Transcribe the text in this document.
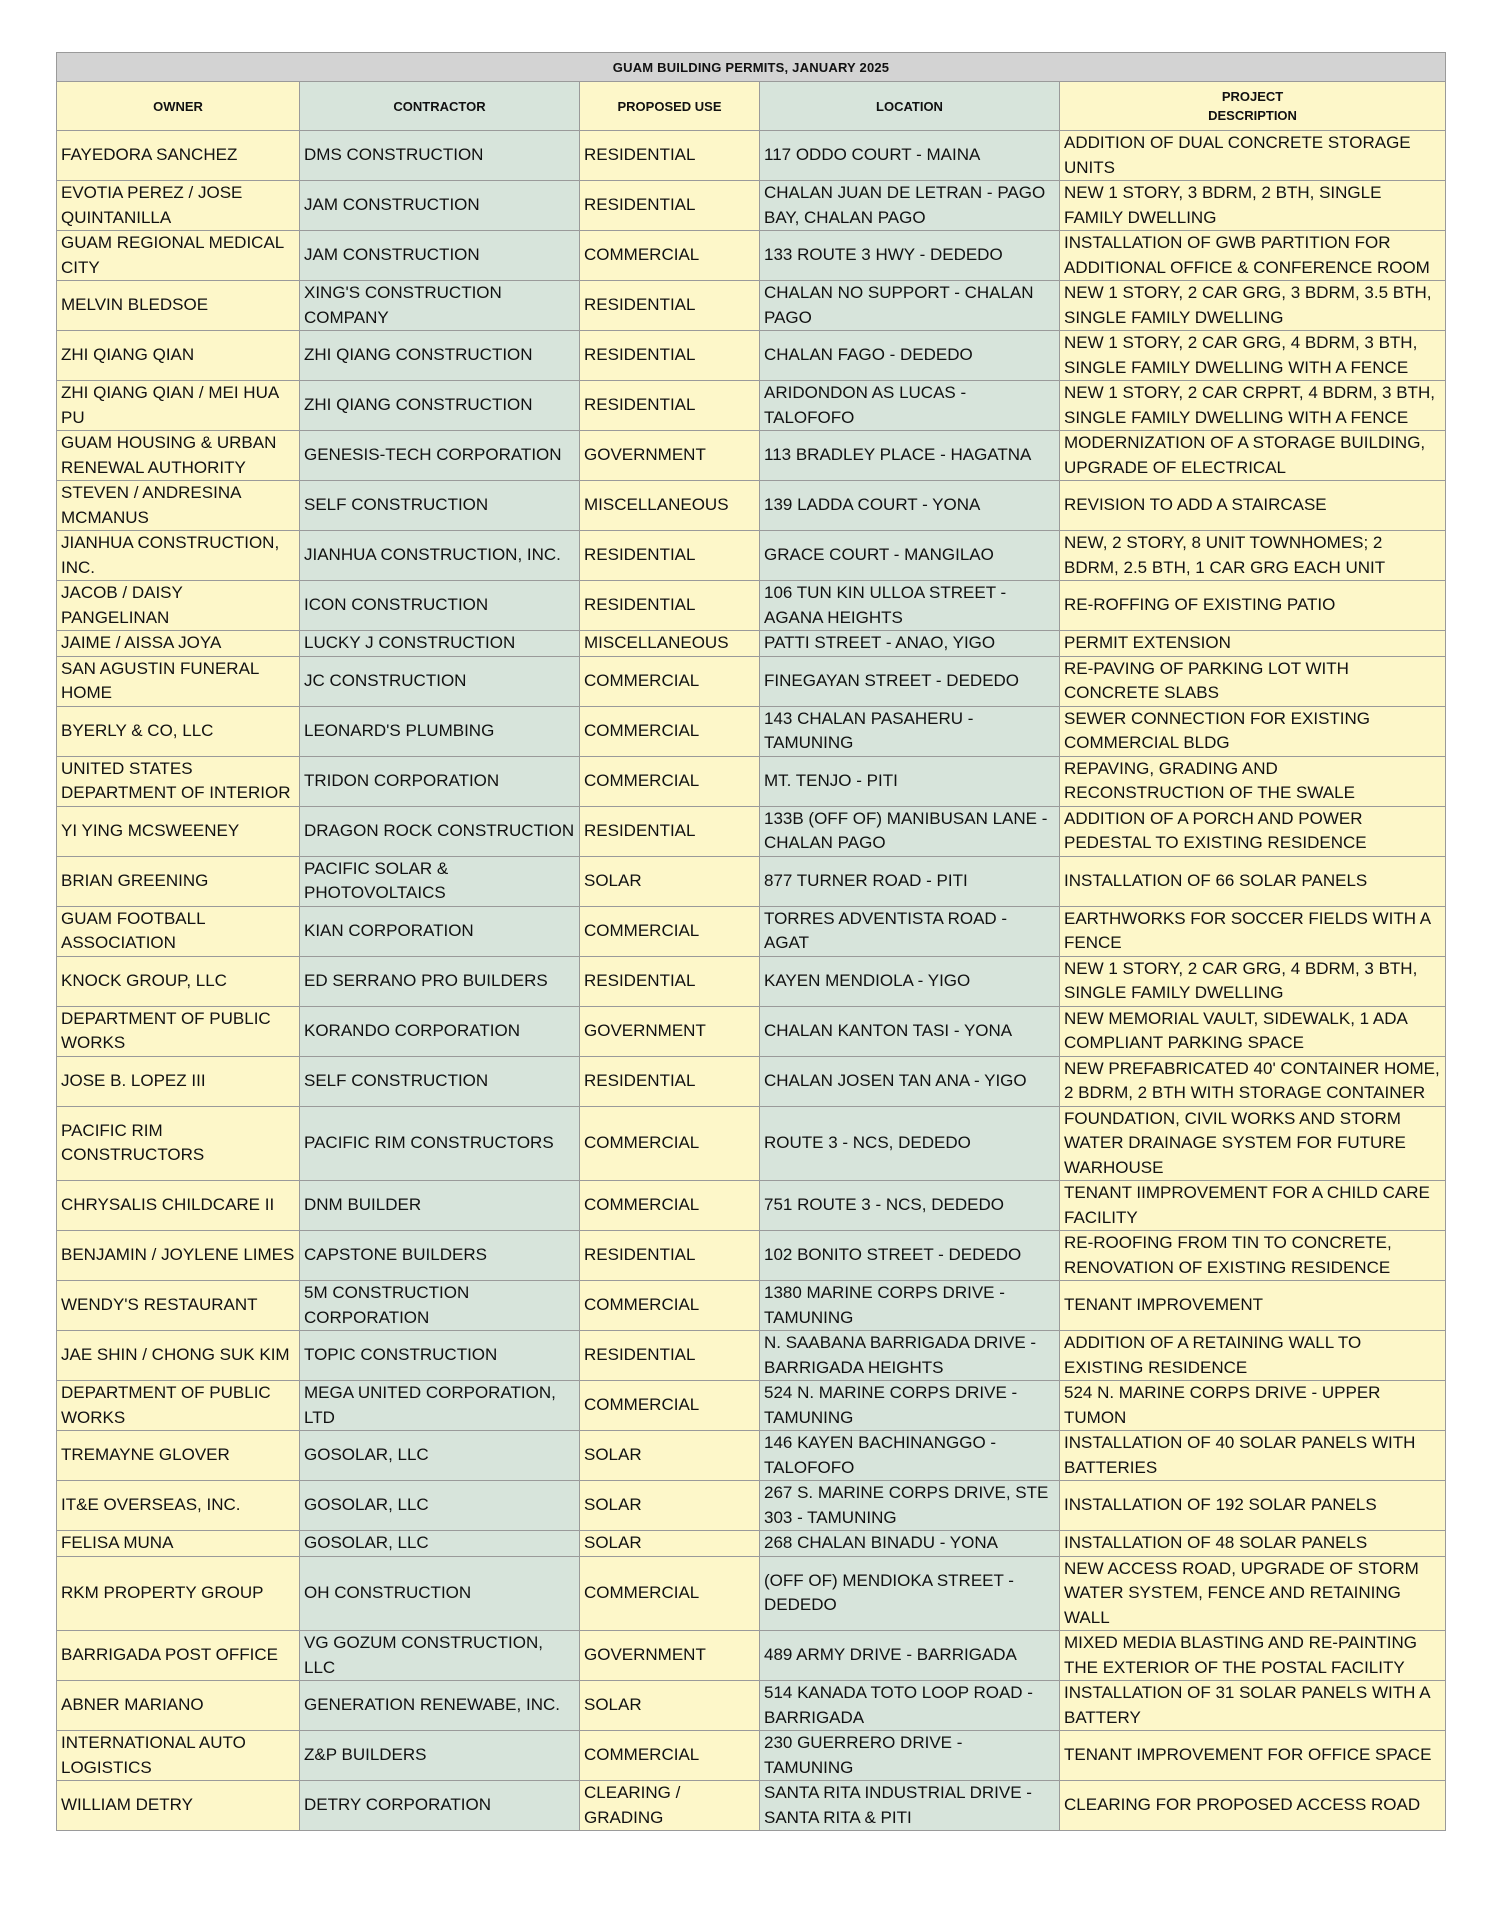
GUAM BUILDING PERMITS, JANUARY 2025				
OWNER	CONTRACTOR	PROPOSED USE	LOCATION	PROJECT
DESCRIPTION

FAYEDORA SANCHEZ	DMS CONSTRUCTION	RESIDENTIAL	117 ODDO COURT - MAINA	ADDITION OF DUAL CONCRETE STORAGE UNITS
EVOTIA PEREZ / JOSE QUINTANILLA	JAM CONSTRUCTION	RESIDENTIAL	CHALAN JUAN DE LETRAN - PAGO BAY, CHALAN PAGO	NEW 1 STORY, 3 BDRM, 2 BTH, SINGLE FAMILY DWELLING
GUAM REGIONAL MEDICAL CITY	JAM CONSTRUCTION	COMMERCIAL	133 ROUTE 3 HWY - DEDEDO	INSTALLATION OF GWB PARTITION FOR ADDITIONAL OFFICE & CONFERENCE ROOM
MELVIN BLEDSOE	XING'S CONSTRUCTION COMPANY	RESIDENTIAL	CHALAN NO SUPPORT - CHALAN PAGO	NEW 1 STORY, 2 CAR GRG, 3 BDRM, 3.5 BTH, SINGLE FAMILY DWELLING
ZHI QIANG QIAN	ZHI QIANG CONSTRUCTION	RESIDENTIAL	CHALAN FAGO - DEDEDO	NEW 1 STORY, 2 CAR GRG, 4 BDRM, 3 BTH, SINGLE FAMILY DWELLING WITH A FENCE
ZHI QIANG QIAN / MEI HUA PU	ZHI QIANG CONSTRUCTION	RESIDENTIAL	ARIDONDON AS LUCAS - TALOFOFO	NEW 1 STORY, 2 CAR CRPRT, 4 BDRM, 3 BTH, SINGLE FAMILY DWELLING WITH A FENCE
GUAM HOUSING & URBAN RENEWAL AUTHORITY	GENESIS-TECH CORPORATION	GOVERNMENT	113 BRADLEY PLACE - HAGATNA	MODERNIZATION OF A STORAGE BUILDING, UPGRADE OF ELECTRICAL
STEVEN / ANDRESINA MCMANUS	SELF CONSTRUCTION	MISCELLANEOUS	139 LADDA COURT - YONA	REVISION TO ADD A STAIRCASE
JIANHUA CONSTRUCTION, INC.	JIANHUA CONSTRUCTION, INC.	RESIDENTIAL	GRACE COURT - MANGILAO	NEW, 2 STORY, 8 UNIT TOWNHOMES; 2 BDRM, 2.5 BTH, 1 CAR GRG EACH UNIT
JACOB / DAISY PANGELINAN	ICON CONSTRUCTION	RESIDENTIAL	106 TUN KIN ULLOA STREET - AGANA HEIGHTS	RE-ROFFING OF EXISTING PATIO
JAIME / AISSA JOYA	LUCKY J CONSTRUCTION	MISCELLANEOUS	PATTI STREET - ANAO, YIGO	PERMIT EXTENSION
SAN AGUSTIN FUNERAL HOME	JC CONSTRUCTION	COMMERCIAL	FINEGAYAN STREET - DEDEDO	RE-PAVING OF PARKING LOT WITH CONCRETE SLABS
BYERLY & CO, LLC	LEONARD'S PLUMBING	COMMERCIAL	143 CHALAN PASAHERU - TAMUNING	SEWER CONNECTION FOR EXISTING COMMERCIAL BLDG
UNITED STATES DEPARTMENT OF INTERIOR	TRIDON CORPORATION	COMMERCIAL	MT. TENJO - PITI	REPAVING, GRADING AND RECONSTRUCTION OF THE SWALE
YI YING MCSWEENEY	DRAGON ROCK CONSTRUCTION	RESIDENTIAL	133B (OFF OF) MANIBUSAN LANE - CHALAN PAGO	ADDITION OF A PORCH AND POWER PEDESTAL TO EXISTING RESIDENCE
BRIAN GREENING	PACIFIC SOLAR & PHOTOVOLTAICS	SOLAR	877 TURNER ROAD - PITI	INSTALLATION OF 66 SOLAR PANELS
GUAM FOOTBALL ASSOCIATION	KIAN CORPORATION	COMMERCIAL	TORRES ADVENTISTA ROAD - AGAT	EARTHWORKS FOR SOCCER FIELDS WITH A FENCE
KNOCK GROUP, LLC	ED SERRANO PRO BUILDERS	RESIDENTIAL	KAYEN MENDIOLA - YIGO	NEW 1 STORY, 2 CAR GRG, 4 BDRM, 3 BTH, SINGLE FAMILY DWELLING
DEPARTMENT OF PUBLIC WORKS	KORANDO CORPORATION	GOVERNMENT	CHALAN KANTON TASI - YONA	NEW MEMORIAL VAULT, SIDEWALK, 1 ADA COMPLIANT PARKING SPACE
JOSE B. LOPEZ III	SELF CONSTRUCTION	RESIDENTIAL	CHALAN JOSEN TAN ANA - YIGO	NEW PREFABRICATED 40' CONTAINER HOME, 2 BDRM, 2 BTH WITH STORAGE CONTAINER
PACIFIC RIM CONSTRUCTORS	PACIFIC RIM CONSTRUCTORS	COMMERCIAL	ROUTE 3 - NCS, DEDEDO	FOUNDATION, CIVIL WORKS AND STORM WATER DRAINAGE SYSTEM FOR FUTURE WARHOUSE
CHRYSALIS CHILDCARE II	DNM BUILDER	COMMERCIAL	751 ROUTE 3 - NCS, DEDEDO	TENANT IIMPROVEMENT FOR A CHILD CARE FACILITY
BENJAMIN / JOYLENE LIMES	CAPSTONE BUILDERS	RESIDENTIAL	102 BONITO STREET - DEDEDO	RE-ROOFING FROM TIN TO CONCRETE, RENOVATION OF EXISTING RESIDENCE
WENDY'S RESTAURANT	5M CONSTRUCTION CORPORATION	COMMERCIAL	1380 MARINE CORPS DRIVE - TAMUNING	TENANT IMPROVEMENT
JAE SHIN / CHONG SUK KIM	TOPIC CONSTRUCTION	RESIDENTIAL	N. SAABANA BARRIGADA DRIVE - BARRIGADA HEIGHTS	ADDITION OF A RETAINING WALL TO EXISTING RESIDENCE
DEPARTMENT OF PUBLIC WORKS	MEGA UNITED CORPORATION, LTD	COMMERCIAL	524 N. MARINE CORPS DRIVE - TAMUNING	524 N. MARINE CORPS DRIVE - UPPER TUMON
TREMAYNE GLOVER	GOSOLAR, LLC	SOLAR	146 KAYEN BACHINANGGO - TALOFOFO	INSTALLATION OF 40 SOLAR PANELS WITH BATTERIES
IT&E OVERSEAS, INC.	GOSOLAR, LLC	SOLAR	267 S. MARINE CORPS DRIVE, STE 303 - TAMUNING	INSTALLATION OF 192 SOLAR PANELS
FELISA MUNA	GOSOLAR, LLC	SOLAR	268 CHALAN BINADU - YONA	INSTALLATION OF 48 SOLAR PANELS
RKM PROPERTY GROUP	OH CONSTRUCTION	COMMERCIAL	(OFF OF) MENDIOKA STREET - DEDEDO	NEW ACCESS ROAD, UPGRADE OF STORM WATER SYSTEM, FENCE AND RETAINING WALL
BARRIGADA POST OFFICE	VG GOZUM CONSTRUCTION, LLC	GOVERNMENT	489 ARMY DRIVE - BARRIGADA	MIXED MEDIA BLASTING AND RE-PAINTING THE EXTERIOR OF THE POSTAL FACILITY
ABNER MARIANO	GENERATION RENEWABE, INC.	SOLAR	514 KANADA TOTO LOOP ROAD - BARRIGADA	INSTALLATION OF 31 SOLAR PANELS WITH A BATTERY
INTERNATIONAL AUTO LOGISTICS	Z&P BUILDERS	COMMERCIAL	230 GUERRERO DRIVE - TAMUNING	TENANT IMPROVEMENT FOR OFFICE SPACE
WILLIAM DETRY	DETRY CORPORATION	CLEARING / GRADING	SANTA RITA INDUSTRIAL DRIVE - SANTA RITA & PITI	CLEARING FOR PROPOSED ACCESS ROAD
